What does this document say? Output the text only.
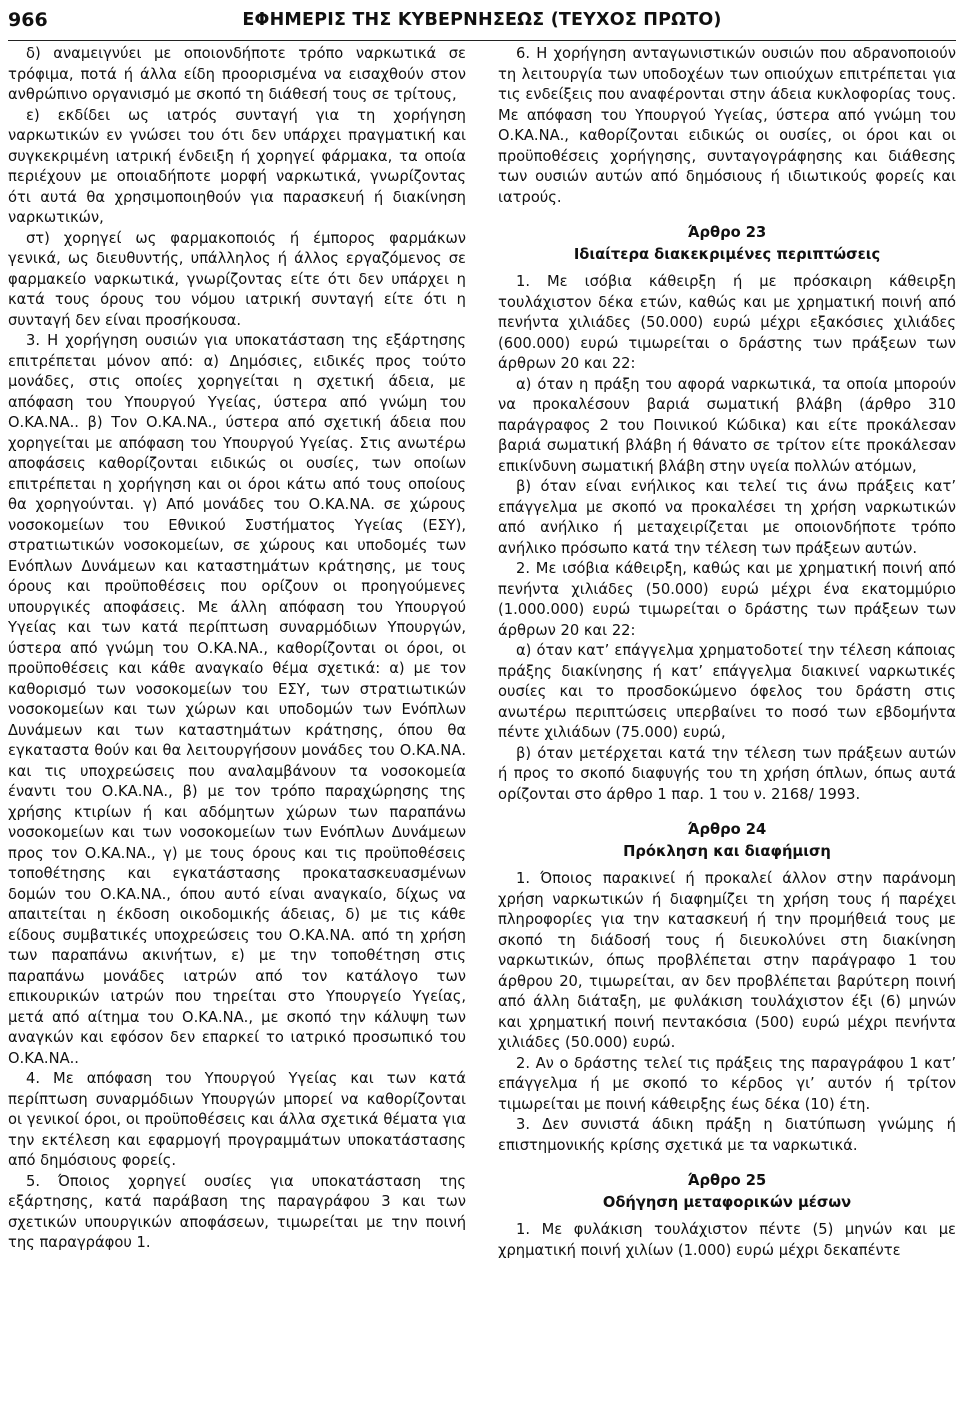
966	ΕΦΗΜΕΡΙΣ ΤΗΣ ΚΥΒΕΡΝΗΣΕΩΣ (ΤΕΥΧΟΣ ΠΡΩΤΟ)

δ) αναμειγνύει με οποιονδήποτε τρόπο ναρκωτικά σε τρόφιμα, ποτά ή άλλα είδη προορισμένα να εισαχθούν στον ανθρώπινο οργανισμό με σκοπό τη διάθεσή τους σε τρίτους,

ε) εκδίδει ως ιατρός συνταγή για τη χορήγηση ναρκωτικών εν γνώσει του ότι δεν υπάρχει πραγματική και συγκεκριμένη ιατρική ένδειξη ή χορηγεί φάρμακα, τα οποία περιέχουν με οποιαδήποτε μορφή ναρκωτικά, γνωρίζοντας ότι αυτά θα χρησιμοποιηθούν για παρασκευή ή διακίνηση ναρκωτικών,

στ) χορηγεί ως φαρμακοποιός ή έμπορος φαρμάκων γενικά, ως διευθυντής, υπάλληλος ή άλλος εργαζόμενος σε φαρμακείο ναρκωτικά, γνωρίζοντας είτε ότι δεν υπάρχει η κατά τους όρους του νόμου ιατρική συνταγή είτε ότι η συνταγή δεν είναι προσήκουσα.

3. Η χορήγηση ουσιών για υποκατάσταση της εξάρτησης επιτρέπεται μόνον από: α) Δημόσιες, ειδικές προς τούτο μονάδες, στις οποίες χορηγείται η σχετική άδεια, με απόφαση του Υπουργού Υγείας, ύστερα από γνώμη του Ο.ΚΑ.ΝΑ.. β) Τον Ο.ΚΑ.ΝΑ., ύστερα από σχετική άδεια που χορηγείται με απόφαση του Υπουργού Υγείας. Στις ανωτέρω αποφάσεις καθορίζονται ειδικώς οι ουσίες, των οποίων επιτρέπεται η χορήγηση και οι όροι κάτω από τους οποίους θα χορηγούνται. γ) Από μονάδες του Ο.ΚΑ.ΝΑ. σε χώρους νοσοκομείων του Εθνικού Συστήματος Υγείας (ΕΣΥ), στρατιωτικών νοσοκομείων, σε χώρους και υποδομές των Ενόπλων Δυνάμεων και καταστημάτων κράτησης, με τους όρους και προϋποθέσεις που ορίζουν οι προηγούμενες υπουργικές αποφάσεις. Με άλλη απόφαση του Υπουργού Υγείας και των κατά περίπτωση συναρμόδιων Υπουργών, ύστερα από γνώμη του Ο.ΚΑ.ΝΑ., καθορίζονται οι όροι, οι προϋποθέσεις και κάθε αναγκαίο θέμα σχετικά: α) με τον καθορισμό των νοσοκομείων του ΕΣΥ, των στρατιωτικών νοσοκομείων και των χώρων και υποδομών των Ενόπλων Δυνάμεων και των καταστημάτων κράτησης, όπου θα εγκαταστα θούν και θα λειτουργήσουν μονάδες του Ο.ΚΑ.ΝΑ. και τις υποχρεώσεις που αναλαμβάνουν τα νοσοκομεία έναντι του Ο.ΚΑ.ΝΑ., β) με τον τρόπο παραχώρησης της χρήσης κτιρίων ή και αδόμητων χώρων των παραπάνω νοσοκομείων και των νοσοκομείων των Ενόπλων Δυνάμεων προς τον Ο.ΚΑ.ΝΑ., γ) με τους όρους και τις προϋποθέσεις τοποθέτησης και εγκατάστασης προκατασκευασμένων δομών του Ο.ΚΑ.ΝΑ., όπου αυτό είναι αναγκαίο, δίχως να απαιτείται η έκδοση οικοδομικής άδειας, δ) με τις κάθε είδους συμβατικές υποχρεώσεις του Ο.ΚΑ.ΝΑ. από τη χρήση των παραπάνω ακινήτων, ε) με την τοποθέτηση στις παραπάνω μονάδες ιατρών από τον κατάλογο των επικουρικών ιατρών που τηρείται στο Υπουργείο Υγείας, μετά από αίτημα του Ο.ΚΑ.ΝΑ., με σκοπό την κάλυψη των αναγκών και εφόσον δεν επαρκεί το ιατρικό προσωπικό του Ο.ΚΑ.ΝΑ..

4. Με απόφαση του Υπουργού Υγείας και των κατά περίπτωση συναρμόδιων Υπουργών μπορεί να καθορίζονται οι γενικοί όροι, οι προϋποθέσεις και άλλα σχετικά θέματα για την εκτέλεση και εφαρμογή προγραμμάτων υποκατάστασης από δημόσιους φορείς.

5. Όποιος χορηγεί ουσίες για υποκατάσταση της εξάρτησης, κατά παράβαση της παραγράφου 3 και των σχετικών υπουργικών αποφάσεων, τιμωρείται με την ποινή της παραγράφου 1.

6. Η χορήγηση ανταγωνιστικών ουσιών που αδρανοποιούν τη λειτουργία των υποδοχέων των οπιούχων επιτρέπεται για τις ενδείξεις που αναφέρονται στην άδεια κυκλοφορίας τους. Με απόφαση του Υπουργού Υγείας, ύστερα από γνώμη του Ο.ΚΑ.ΝΑ., καθορίζονται ειδικώς οι ουσίες, οι όροι και οι προϋποθέσεις χορήγησης, συνταγογράφησης και διάθεσης των ουσιών αυτών από δημόσιους ή ιδιωτικούς φορείς και ιατρούς.

Άρθρο 23
Ιδιαίτερα διακεκριμένες περιπτώσεις

1. Με ισόβια κάθειρξη ή με πρόσκαιρη κάθειρξη τουλάχιστον δέκα ετών, καθώς και με χρηματική ποινή από πενήντα χιλιάδες (50.000) ευρώ μέχρι εξακόσιες χιλιάδες (600.000) ευρώ τιμωρείται ο δράστης των πράξεων των άρθρων 20 και 22:

α) όταν η πράξη του αφορά ναρκωτικά, τα οποία μπορούν να προκαλέσουν βαριά σωματική βλάβη (άρθρο 310 παράγραφος 2 του Ποινικού Κώδικα) και είτε προκάλεσαν βαριά σωματική βλάβη ή θάνατο σε τρίτον είτε προκάλεσαν επικίνδυνη σωματική βλάβη στην υγεία πολλών ατόμων,

β) όταν είναι ενήλικος και τελεί τις άνω πράξεις κατ’ επάγγελμα με σκοπό να προκαλέσει τη χρήση ναρκωτικών από ανήλικο ή μεταχειρίζεται με οποιονδήποτε τρόπο ανήλικο πρόσωπο κατά την τέλεση των πράξεων αυτών.

2. Με ισόβια κάθειρξη, καθώς και με χρηματική ποινή από πενήντα χιλιάδες (50.000) ευρώ μέχρι ένα εκατομμύριο (1.000.000) ευρώ τιμωρείται ο δράστης των πράξεων των άρθρων 20 και 22:

α) όταν κατ’ επάγγελμα χρηματοδοτεί την τέλεση κάποιας πράξης διακίνησης ή κατ’ επάγγελμα διακινεί ναρκωτικές ουσίες και το προσδοκώμενο όφελος του δράστη στις ανωτέρω περιπτώσεις υπερβαίνει το ποσό των εβδομήντα πέντε χιλιάδων (75.000) ευρώ,

β) όταν μετέρχεται κατά την τέλεση των πράξεων αυτών ή προς το σκοπό διαφυγής του τη χρήση όπλων, όπως αυτά ορίζονται στο άρθρο 1 παρ. 1 του ν. 2168/ 1993.

Άρθρο 24
Πρόκληση και διαφήμιση

1. Όποιος παρακινεί ή προκαλεί άλλον στην παράνομη χρήση ναρκωτικών ή διαφημίζει τη χρήση τους ή παρέχει πληροφορίες για την κατασκευή ή την προμήθειά τους με σκοπό τη διάδοσή τους ή διευκολύνει στη διακίνηση ναρκωτικών, όπως προβλέπεται στην παράγραφο 1 του άρθρου 20, τιμωρείται, αν δεν προβλέπεται βαρύτερη ποινή από άλλη διάταξη, με φυλάκιση τουλάχιστον έξι (6) μηνών και χρηματική ποινή πεντακόσια (500) ευρώ μέχρι πενήντα χιλιάδες (50.000) ευρώ.

2. Αν ο δράστης τελεί τις πράξεις της παραγράφου 1 κατ’ επάγγελμα ή με σκοπό το κέρδος γι’ αυτόν ή τρίτον τιμωρείται με ποινή κάθειρξης έως δέκα (10) έτη.

3. Δεν συνιστά άδικη πράξη η διατύπωση γνώμης ή επιστημονικής κρίσης σχετικά με τα ναρκωτικά.

Άρθρο 25
Οδήγηση μεταφορικών μέσων

1. Με φυλάκιση τουλάχιστον πέντε (5) μηνών και με χρηματική ποινή χιλίων (1.000) ευρώ μέχρι δεκαπέντε
